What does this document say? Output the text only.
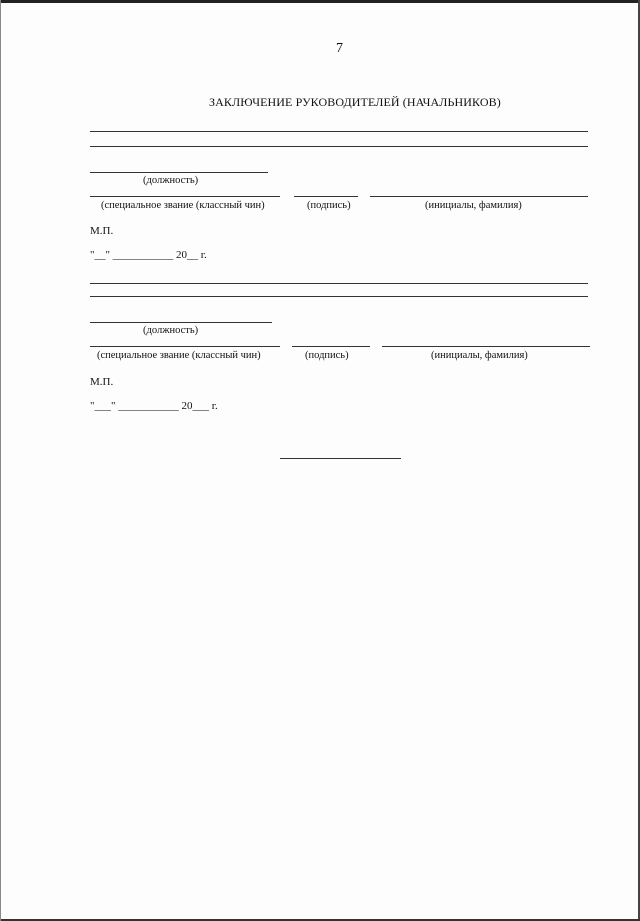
7
ЗАКЛЮЧЕНИЕ РУКОВОДИТЕЛЕЙ (НАЧАЛЬНИКОВ)
(должность)
(специальное звание (классный чин)	(подпись)	(инициалы, фамилия)
М.П.
"__" ___________ 20__ г.
(должность)
(специальное звание (классный чин)	(подпись)	(инициалы, фамилия)
М.П.
"___" ___________ 20___ г.
